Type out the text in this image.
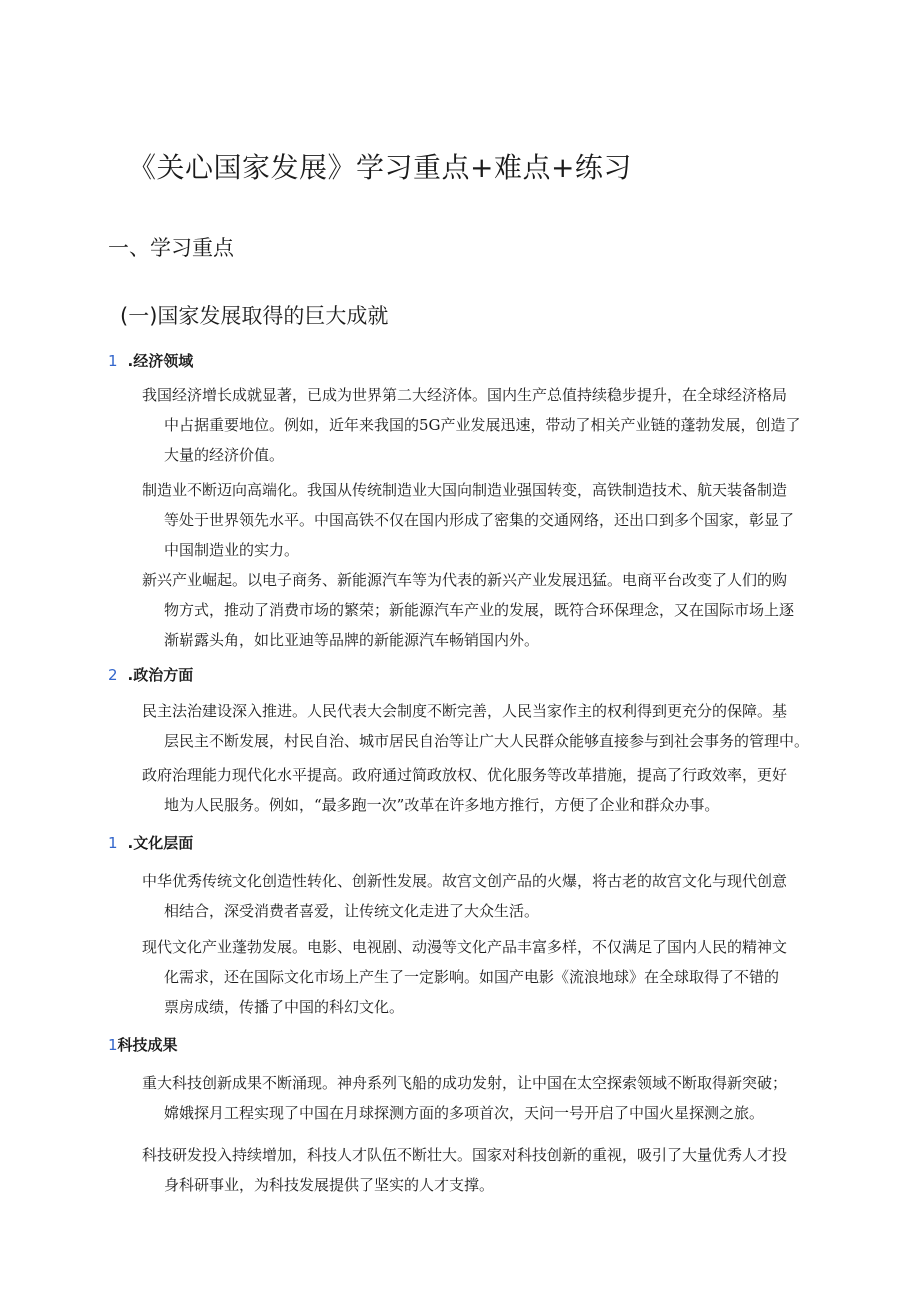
《关心国家发展》学习重点+难点+练习
一、学习重点
(一)国家发展取得的巨大成就
1 .经济领域

我国经济增长成就显著，已成为世界第二大经济体。国内生产总值持续稳步提升，在全球经济格局
中占据重要地位。例如，近年来我国的5G产业发展迅速，带动了相关产业链的蓬勃发展，创造了
大量的经济价值。

制造业不断迈向高端化。我国从传统制造业大国向制造业强国转变，高铁制造技术、航天装备制造
等处于世界领先水平。中国高铁不仅在国内形成了密集的交通网络，还出口到多个国家，彰显了
中国制造业的实力。

新兴产业崛起。以电子商务、新能源汽车等为代表的新兴产业发展迅猛。电商平台改变了人们的购
物方式，推动了消费市场的繁荣；新能源汽车产业的发展，既符合环保理念，又在国际市场上逐
渐崭露头角，如比亚迪等品牌的新能源汽车畅销国内外。

2 .政治方面

民主法治建设深入推进。人民代表大会制度不断完善，人民当家作主的权利得到更充分的保障。基
层民主不断发展，村民自治、城市居民自治等让广大人民群众能够直接参与到社会事务的管理中。

政府治理能力现代化水平提高。政府通过简政放权、优化服务等改革措施，提高了行政效率，更好
地为人民服务。例如，“最多跑一次”改革在许多地方推行，方便了企业和群众办事。

1 .文化层面

中华优秀传统文化创造性转化、创新性发展。故宫文创产品的火爆，将古老的故宫文化与现代创意
相结合，深受消费者喜爱，让传统文化走进了大众生活。

现代文化产业蓬勃发展。电影、电视剧、动漫等文化产品丰富多样，不仅满足了国内人民的精神文
化需求，还在国际文化市场上产生了一定影响。如国产电影《流浪地球》在全球取得了不错的
票房成绩，传播了中国的科幻文化。

1科技成果

重大科技创新成果不断涌现。神舟系列飞船的成功发射，让中国在太空探索领域不断取得新突破；
嫦娥探月工程实现了中国在月球探测方面的多项首次，天问一号开启了中国火星探测之旅。

科技研发投入持续增加，科技人才队伍不断壮大。国家对科技创新的重视，吸引了大量优秀人才投
身科研事业，为科技发展提供了坚实的人才支撑。
